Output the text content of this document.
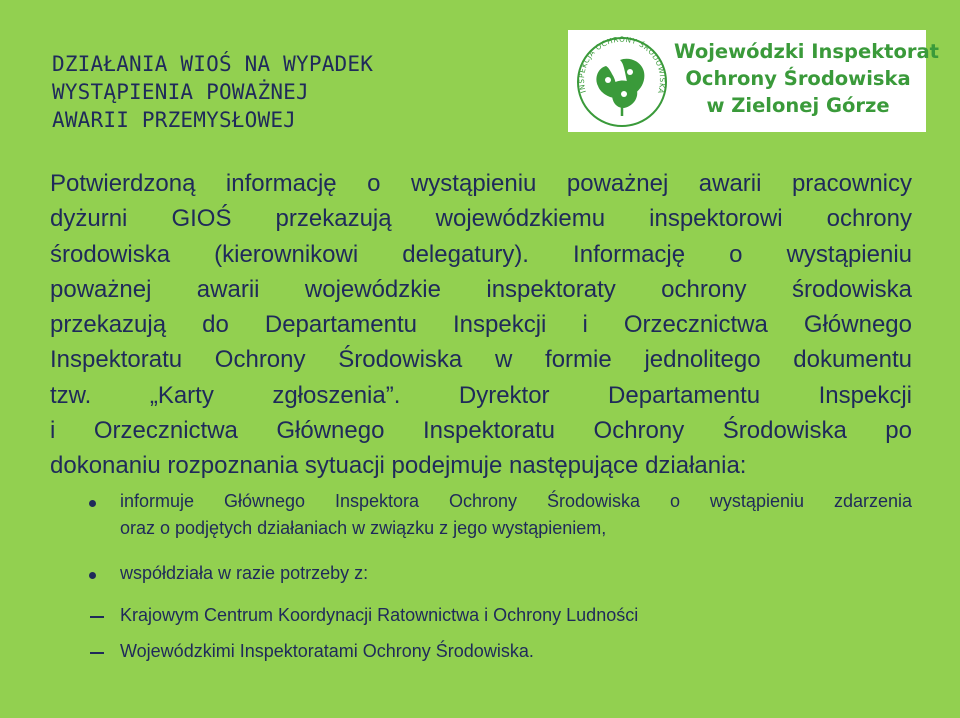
DZIAŁANIA WIOŚ NA WYPADEK
WYSTĄPIENIA POWAŻNEJ
AWARII PRZEMYSŁOWEJ
INSPEKCJA OCHRONY ŚRODOWISKA
Wojewódzki Inspektorat
Ochrony Środowiska
w Zielonej Górze
Potwierdzoną informację o wystąpieniu poważnej awarii pracownicy
dyżurni GIOŚ przekazują wojewódzkiemu inspektorowi ochrony
środowiska (kierownikowi delegatury). Informację o wystąpieniu
poważnej awarii wojewódzkie inspektoraty ochrony środowiska
przekazują do Departamentu Inspekcji i Orzecznictwa Głównego
Inspektoratu Ochrony Środowiska w formie jednolitego dokumentu
tzw. „Karty zgłoszenia”. Dyrektor Departamentu Inspekcji
i Orzecznictwa Głównego Inspektoratu Ochrony Środowiska po
dokonaniu rozpoznania sytuacji podejmuje następujące działania:
informuje Głównego Inspektora Ochrony Środowiska o wystąpieniu zdarzenia
oraz o podjętych działaniach w związku z jego wystąpieniem,
współdziała w razie potrzeby z:
Krajowym Centrum Koordynacji Ratownictwa i Ochrony Ludności
Wojewódzkimi Inspektoratami Ochrony Środowiska.
